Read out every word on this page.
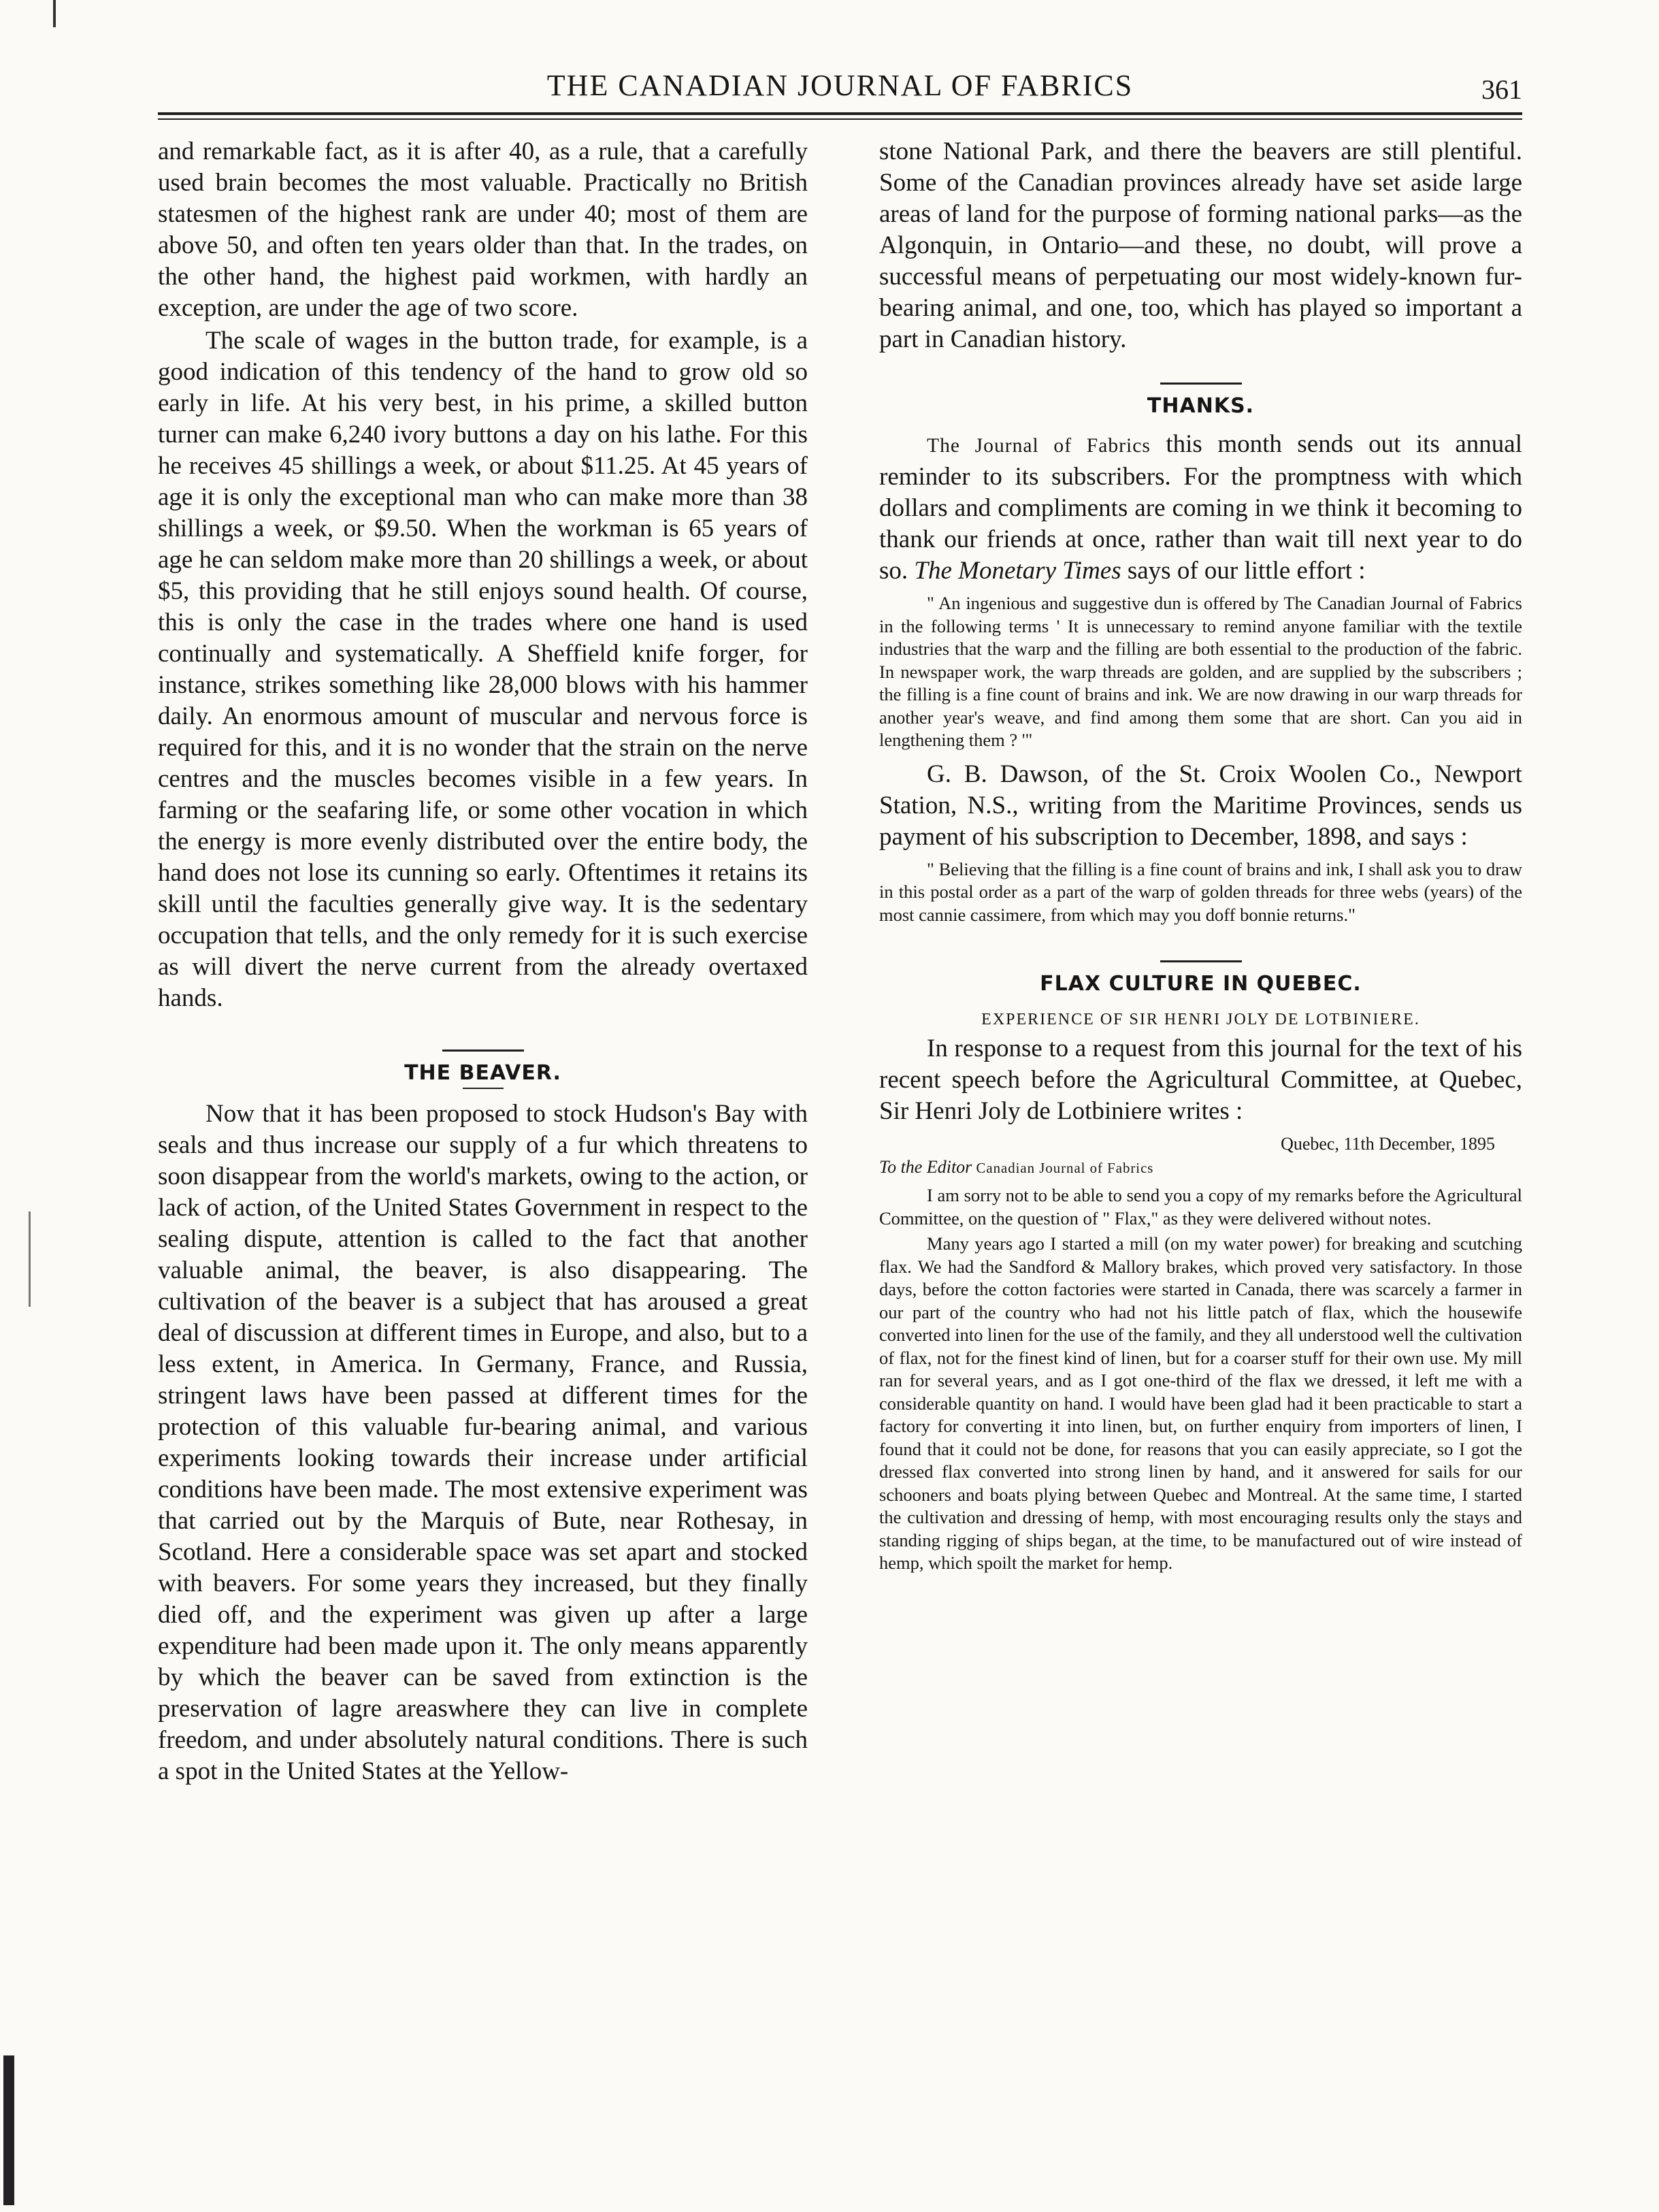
THE CANADIAN JOURNAL OF FABRICS	361

and remarkable fact, as it is after 40, as a rule, that a carefully used brain becomes the most valuable. Practically no British statesmen of the highest rank are under 40; most of them are above 50, and often ten years older than that. In the trades, on the other hand, the highest paid workmen, with hardly an exception, are under the age of two score.

The scale of wages in the button trade, for example, is a good indication of this tendency of the hand to grow old so early in life. At his very best, in his prime, a skilled button turner can make 6,240 ivory buttons a day on his lathe. For this he receives 45 shillings a week, or about $11.25. At 45 years of age it is only the exceptional man who can make more than 38 shillings a week, or $9.50. When the workman is 65 years of age he can seldom make more than 20 shillings a week, or about $5, this providing that he still enjoys sound health. Of course, this is only the case in the trades where one hand is used continually and systematically. A Sheffield knife forger, for instance, strikes something like 28,000 blows with his hammer daily. An enormous amount of muscular and nervous force is required for this, and it is no wonder that the strain on the nerve centres and the muscles becomes visible in a few years. In farming or the seafaring life, or some other vocation in which the energy is more evenly distributed over the entire body, the hand does not lose its cunning so early. Oftentimes it retains its skill until the faculties generally give way. It is the sedentary occupation that tells, and the only remedy for it is such exercise as will divert the nerve current from the already overtaxed hands.

THE BEAVER.

Now that it has been proposed to stock Hudson's Bay with seals and thus increase our supply of a fur which threatens to soon disappear from the world's markets, owing to the action, or lack of action, of the United States Government in respect to the sealing dispute, attention is called to the fact that another valuable animal, the beaver, is also disappearing. The cultivation of the beaver is a subject that has aroused a great deal of discussion at different times in Europe, and also, but to a less extent, in America. In Germany, France, and Russia, stringent laws have been passed at different times for the protection of this valuable fur-bearing animal, and various experiments looking towards their increase under artificial conditions have been made. The most extensive experiment was that carried out by the Marquis of Bute, near Rothesay, in Scotland. Here a considerable space was set apart and stocked with beavers. For some years they increased, but they finally died off, and the experiment was given up after a large expenditure had been made upon it. The only means apparently by which the beaver can be saved from extinction is the preservation of lagre areaswhere they can live in complete freedom, and under absolutely natural conditions. There is such a spot in the United States at the Yellow-

stone National Park, and there the beavers are still plentiful. Some of the Canadian provinces already have set aside large areas of land for the purpose of forming national parks—as the Algonquin, in Ontario—and these, no doubt, will prove a successful means of perpetuating our most widely-known fur-bearing animal, and one, too, which has played so important a part in Canadian history.

THANKS.

The Journal of Fabrics this month sends out its annual reminder to its subscribers. For the promptness with which dollars and compliments are coming in we think it becoming to thank our friends at once, rather than wait till next year to do so. The Monetary Times says of our little effort :

" An ingenious and suggestive dun is offered by The Canadian Journal of Fabrics in the following terms ' It is unnecessary to remind anyone familiar with the textile industries that the warp and the filling are both essential to the production of the fabric. In newspaper work, the warp threads are golden, and are supplied by the subscribers ; the filling is a fine count of brains and ink. We are now drawing in our warp threads for another year's weave, and find among them some that are short. Can you aid in lengthening them ? '"

G. B. Dawson, of the St. Croix Woolen Co., Newport Station, N.S., writing from the Maritime Provinces, sends us payment of his subscription to December, 1898, and says :

" Believing that the filling is a fine count of brains and ink, I shall ask you to draw in this postal order as a part of the warp of golden threads for three webs (years) of the most cannie cassimere, from which may you doff bonnie returns."

FLAX CULTURE IN QUEBEC.
EXPERIENCE OF SIR HENRI JOLY DE LOTBINIERE.

In response to a request from this journal for the text of his recent speech before the Agricultural Committee, at Quebec, Sir Henri Joly de Lotbiniere writes :

Quebec, 11th December, 1895
To the Editor Canadian Journal of Fabrics

I am sorry not to be able to send you a copy of my remarks before the Agricultural Committee, on the question of " Flax," as they were delivered without notes.

Many years ago I started a mill (on my water power) for breaking and scutching flax. We had the Sandford & Mallory brakes, which proved very satisfactory. In those days, before the cotton factories were started in Canada, there was scarcely a farmer in our part of the country who had not his little patch of flax, which the housewife converted into linen for the use of the family, and they all understood well the cultivation of flax, not for the finest kind of linen, but for a coarser stuff for their own use. My mill ran for several years, and as I got one-third of the flax we dressed, it left me with a considerable quantity on hand. I would have been glad had it been practicable to start a factory for converting it into linen, but, on further enquiry from importers of linen, I found that it could not be done, for reasons that you can easily appreciate, so I got the dressed flax converted into strong linen by hand, and it answered for sails for our schooners and boats plying between Quebec and Montreal. At the same time, I started the cultivation and dressing of hemp, with most encouraging results only the stays and standing rigging of ships began, at the time, to be manufactured out of wire instead of hemp, which spoilt the market for hemp.
